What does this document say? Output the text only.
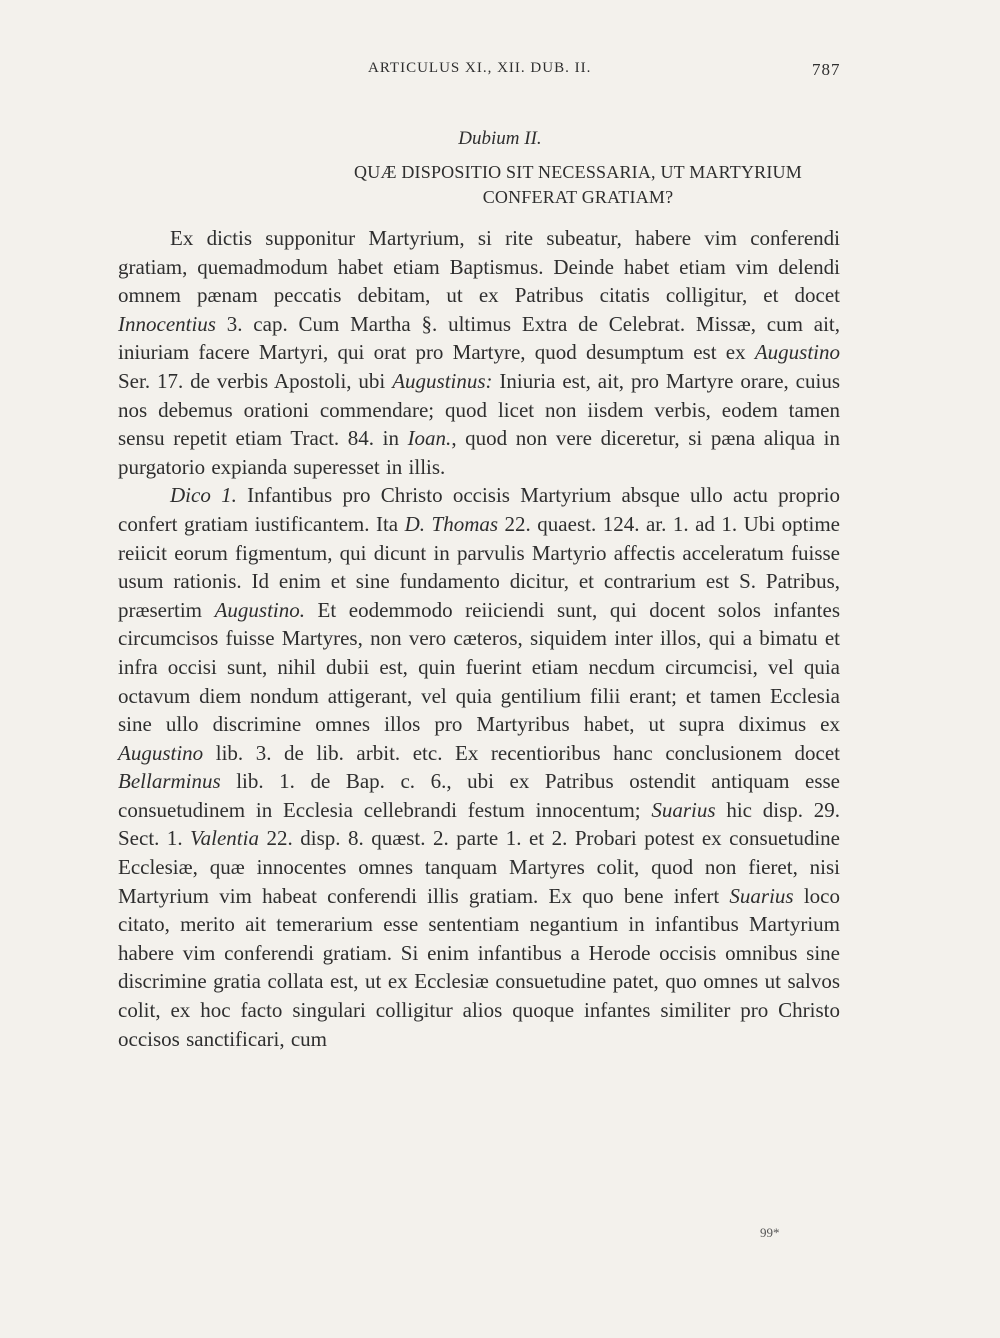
ARTICULUS XI., XII. DUB. II.	787
Dubium II.
QUÆ DISPOSITIO SIT NECESSARIA, UT MARTYRIUM CONFERAT GRATIAM?

Ex dictis supponitur Martyrium, si rite subeatur, habere vim conferendi gratiam, quemadmodum habet etiam Baptismus. Deinde habet etiam vim delendi omnem pænam peccatis debitam, ut ex Patribus citatis colligitur, et docet Innocentius 3. cap. Cum Martha §. ultimus Extra de Celebrat. Missæ, cum ait, iniuriam facere Martyri, qui orat pro Martyre, quod desumptum est ex Augustino Ser. 17. de verbis Apostoli, ubi Augustinus: Iniuria est, ait, pro Martyre orare, cuius nos debemus orationi commendare; quod licet non iisdem verbis, eodem tamen sensu repetit etiam Tract. 84. in Ioan., quod non vere diceretur, si pæna aliqua in purgatorio expianda superesset in illis.

Dico 1. Infantibus pro Christo occisis Martyrium absque ullo actu proprio confert gratiam iustificantem. Ita D. Thomas 22. quaest. 124. ar. 1. ad 1. Ubi optime reiicit eorum figmentum, qui dicunt in parvulis Martyrio affectis acceleratum fuisse usum rationis. Id enim et sine fundamento dicitur, et contrarium est S. Patribus, præsertim Augustino. Et eodemmodo reiiciendi sunt, qui docent solos infantes circumcisos fuisse Martyres, non vero cæteros, siquidem inter illos, qui a bimatu et infra occisi sunt, nihil dubii est, quin fuerint etiam necdum circumcisi, vel quia octavum diem nondum attigerant, vel quia gentilium filii erant; et tamen Ecclesia sine ullo discrimine omnes illos pro Martyribus habet, ut supra diximus ex Augustino lib. 3. de lib. arbit. etc. Ex recentioribus hanc conclusionem docet Bellarminus lib. 1. de Bap. c. 6., ubi ex Patribus ostendit antiquam esse consuetudinem in Ecclesia cellebrandi festum innocentum; Suarius hic disp. 29. Sect. 1. Valentia 22. disp. 8. quæst. 2. parte 1. et 2. Probari potest ex consuetudine Ecclesiæ, quæ innocentes omnes tanquam Martyres colit, quod non fieret, nisi Martyrium vim habeat conferendi illis gratiam. Ex quo bene infert Suarius loco citato, merito ait temerarium esse sententiam negantium in infantibus Martyrium habere vim conferendi gratiam. Si enim infantibus a Herode occisis omnibus sine discrimine gratia collata est, ut ex Ecclesiæ consuetudine patet, quo omnes ut salvos colit, ex hoc facto singulari colligitur alios quoque infantes similiter pro Christo occisos sanctificari, cum

99*
